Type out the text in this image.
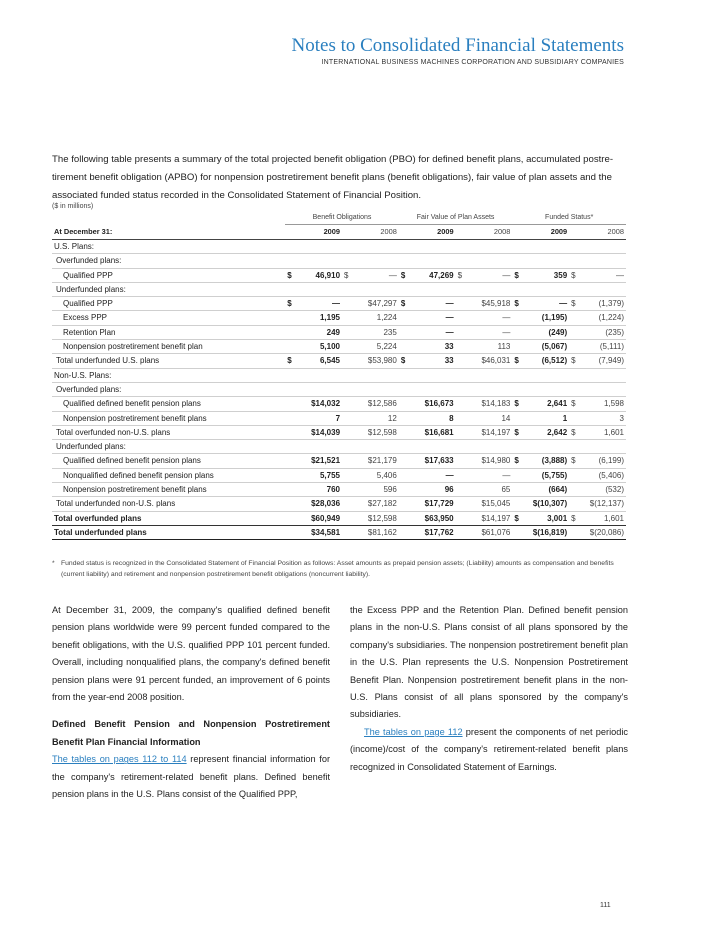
Notes to Consolidated Financial Statements
INTERNATIONAL BUSINESS MACHINES CORPORATION AND SUBSIDIARY COMPANIES
The following table presents a summary of the total projected benefit obligation (PBO) for defined benefit plans, accumulated postretirement benefit obligation (APBO) for nonpension postretirement benefit plans (benefit obligations), fair value of plan assets and the associated funded status recorded in the Consolidated Statement of Financial Position.
($ in millions)
	Benefit Obligations				Fair Value of Plan Assets				Funded Status*			
At December 31:	2009		2008		2009		2008		2009		2008	
U.S. Plans:												
Overfunded plans:												
Qualified PPP	$	46,910	$	—	$	47,269	$	—	$	359	$	—
Underfunded plans:												
Qualified PPP	$	—		$47,297	$	—		$45,918	$	—	$	(1,379)
Excess PPP		1,195		1,224		—		—		(1,195)		(1,224)
Retention Plan		249		235		—		—		(249)		(235)
Nonpension postretirement benefit plan		5,100		5,224		33		113		(5,067)		(5,111)
Total underfunded U.S. plans	$	6,545		$53,980	$	33		$46,031	$	(6,512)	$	(7,949)
Non-U.S. Plans:												
Overfunded plans:												
Qualified defined benefit pension plans		$14,032		$12,586		$16,673		$14,183	$	2,641	$	1,598
Nonpension postretirement benefit plans		7		12		8		14		1		3
Total overfunded non-U.S. plans		$14,039		$12,598		$16,681		$14,197	$	2,642	$	1,601
Underfunded plans:												
Qualified defined benefit pension plans		$21,521		$21,179		$17,633		$14,980	$	(3,888)	$	(6,199)
Nonqualified defined benefit pension plans		5,755		5,406		—		—		(5,755)		(5,406)
Nonpension postretirement benefit plans		760		596		96		65		(664)		(532)
Total underfunded non-U.S. plans		$28,036		$27,182		$17,729		$15,045		$(10,307)		$(12,137)
Total overfunded plans		$60,949		$12,598		$63,950		$14,197	$	3,001	$	1,601
Total underfunded plans		$34,581		$81,162		$17,762		$61,076		$(16,819)		$(20,086)
* Funded status is recognized in the Consolidated Statement of Financial Position as follows: Asset amounts as prepaid pension assets; (Liability) amounts as compensation and benefits (current liability) and retirement and nonpension postretirement benefit obligations (noncurrent liability).

At December 31, 2009, the company's qualified defined benefit pension plans worldwide were 99 percent funded compared to the benefit obligations, with the U.S. qualified PPP 101 percent funded. Overall, including nonqualified plans, the company's defined benefit pension plans were 91 percent funded, an improvement of 6 points from the year-end 2008 position.

Defined Benefit Pension and Nonpension Postretirement Benefit Plan Financial Information

The tables on pages 112 to 114 represent financial information for the company's retirement-related benefit plans. Defined benefit pension plans in the U.S. Plans consist of the Qualified PPP,

the Excess PPP and the Retention Plan. Defined benefit pension plans in the non-U.S. Plans consist of all plans sponsored by the company's subsidiaries. The nonpension postretirement benefit plan in the U.S. Plan represents the U.S. Nonpension Postretirement Benefit Plan. Nonpension postretirement benefit plans in the non-U.S. Plans consist of all plans sponsored by the company's subsidiaries.

The tables on page 112 present the components of net periodic (income)/cost of the company's retirement-related benefit plans recognized in Consolidated Statement of Earnings.

111
